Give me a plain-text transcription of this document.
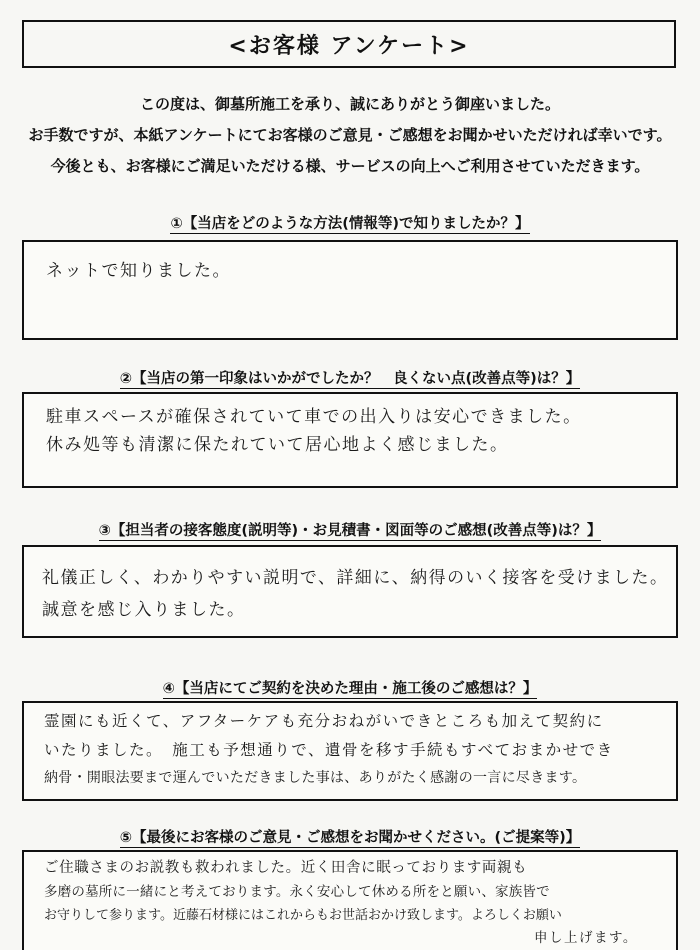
<お客様 アンケート>
この度は、御墓所施工を承り、誠にありがとう御座いました。
お手数ですが、本紙アンケートにてお客様のご意見・ご感想をお聞かせいただければ幸いです。
今後とも、お客様にご満足いただける様、サービスの向上へご利用させていただきます。
①【当店をどのような方法(情報等)で知りましたか？】
ネットで知りました。
②【当店の第一印象はいかがでしたか？　良くない点(改善点等)は？】
駐車スペースが確保されていて車での出入りは安心できました。
休み処等も清潔に保たれていて居心地よく感じました。
③【担当者の接客態度(説明等)・お見積書・図面等のご感想(改善点等)は？】
礼儀正しく、わかりやすい説明で、詳細に、納得のいく接客を受けました。
誠意を感じ入りました。
④【当店にてご契約を決めた理由・施工後のご感想は？】
霊園にも近くて、アフターケアも充分おねがいできところも加えて契約に
いたりました。　施工も予想通りで、遺骨を移す手続もすべておまかせでき
納骨・開眼法要まで運んでいただきました事は、ありがたく感謝の一言に尽きます。
⑤【最後にお客様のご意見・ご感想をお聞かせください。(ご提案等)】
ご住職さまのお説教も救われました。近く田舎に眠っております両親も
多磨の墓所に一緒にと考えております。永く安心して休める所をと願い、家族皆で
お守りして参ります。近藤石材様にはこれからもお世話おかけ致します。よろしくお願い
申し上げます。
